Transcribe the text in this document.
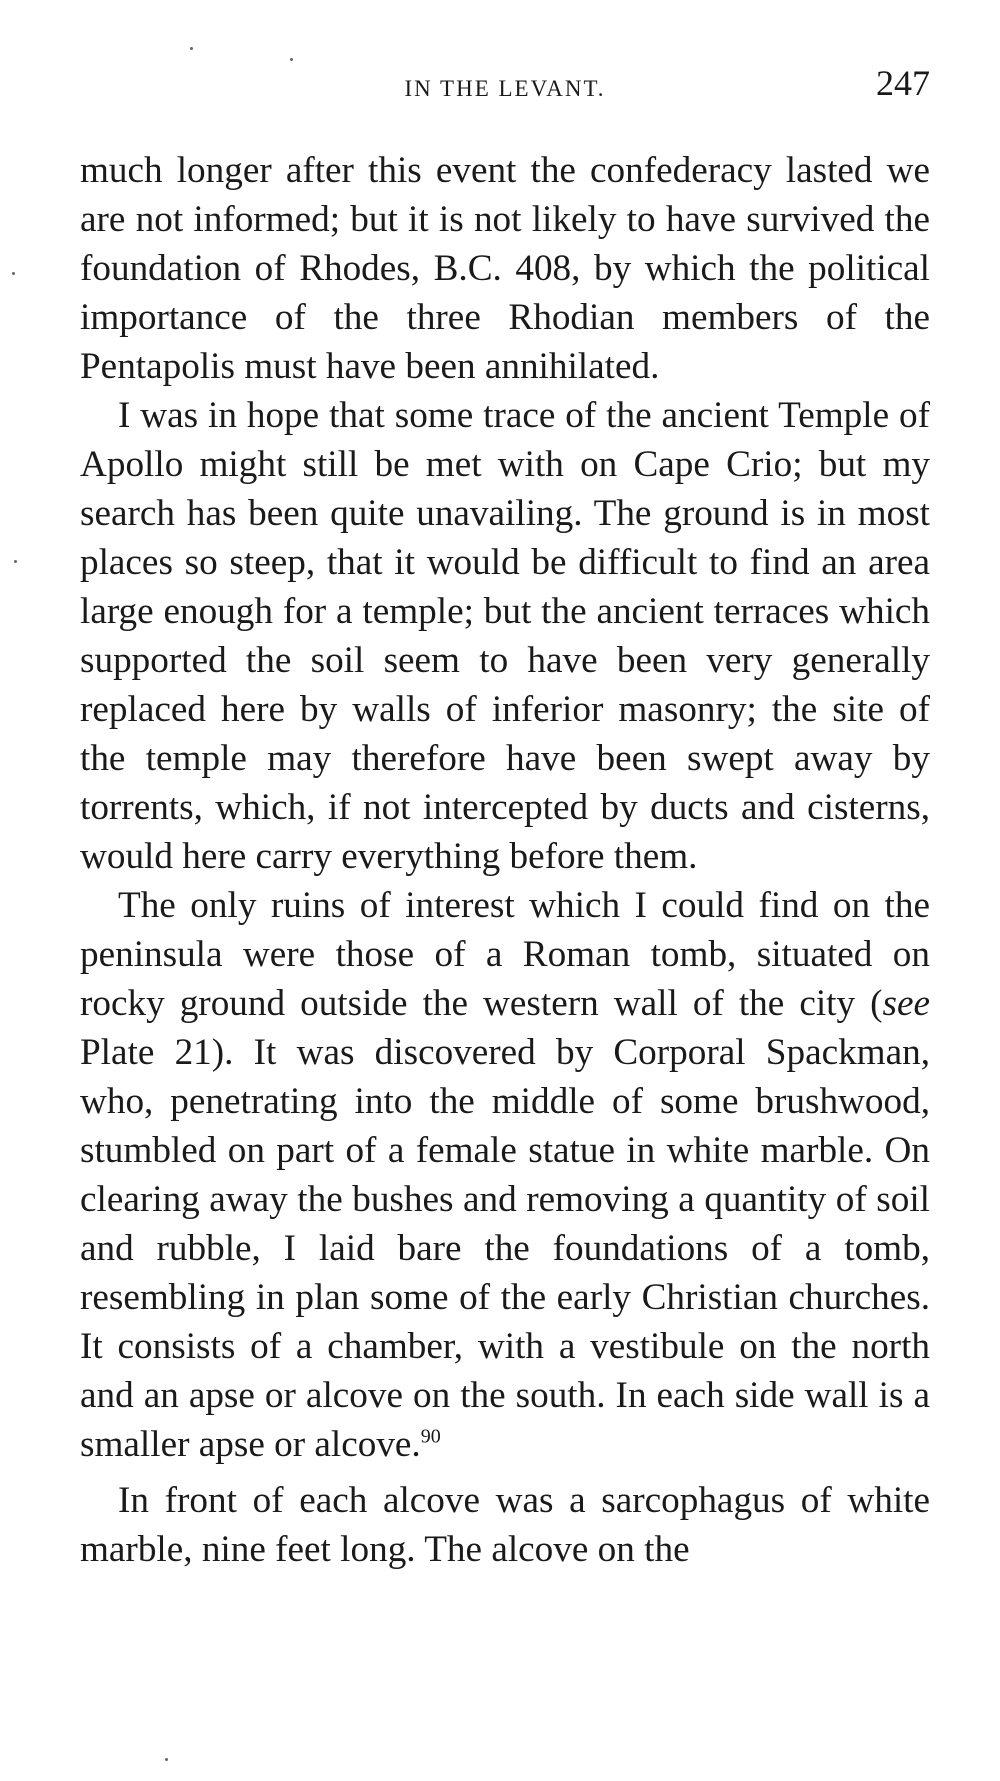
IN THE LEVANT.	247

much longer after this event the confederacy lasted we are not informed; but it is not likely to have survived the foundation of Rhodes, B.C. 408, by which the political importance of the three Rhodian members of the Pentapolis must have been annihilated.

I was in hope that some trace of the ancient Temple of Apollo might still be met with on Cape Crio; but my search has been quite unavailing. The ground is in most places so steep, that it would be difficult to find an area large enough for a temple; but the ancient terraces which supported the soil seem to have been very generally replaced here by walls of inferior masonry; the site of the temple may therefore have been swept away by torrents, which, if not intercepted by ducts and cisterns, would here carry everything before them.

The only ruins of interest which I could find on the peninsula were those of a Roman tomb, situated on rocky ground outside the western wall of the city (see Plate 21). It was discovered by Corporal Spackman, who, penetrating into the middle of some brushwood, stumbled on part of a female statue in white marble. On clearing away the bushes and removing a quantity of soil and rubble, I laid bare the foundations of a tomb, resembling in plan some of the early Christian churches. It consists of a chamber, with a vestibule on the north and an apse or alcove on the south. In each side wall is a smaller apse or alcove.$^{90}$

In front of each alcove was a sarcophagus of white marble, nine feet long. The alcove on the
